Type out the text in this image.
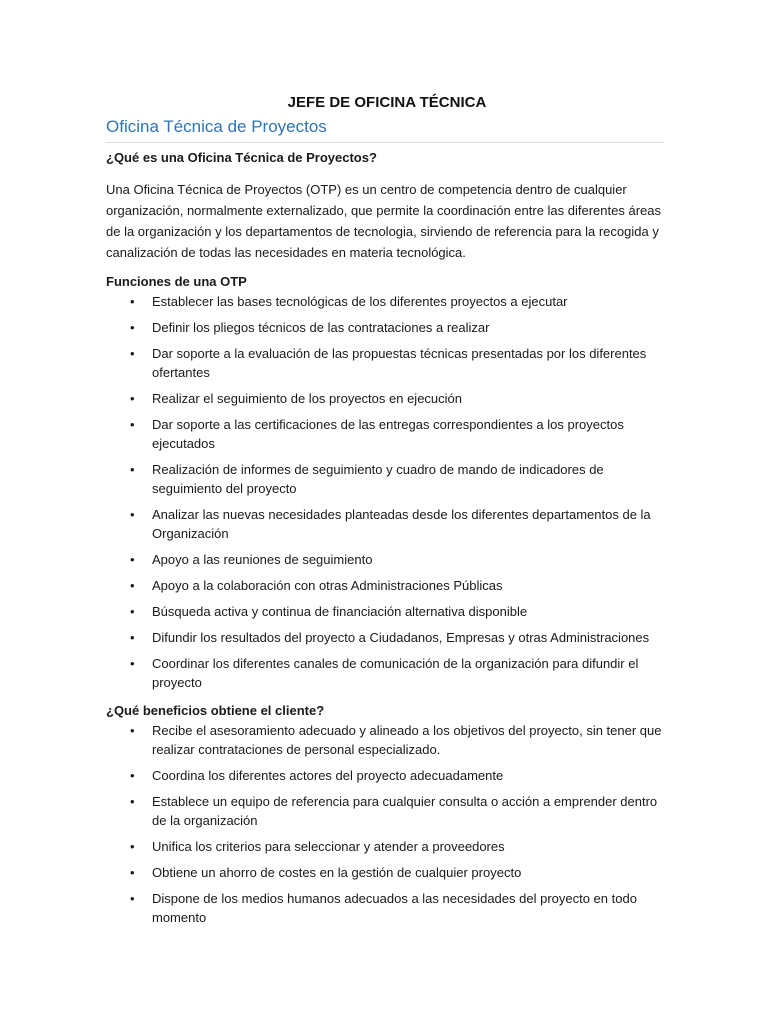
JEFE DE OFICINA TÉCNICA
Oficina Técnica de Proyectos

¿Qué es una Oficina Técnica de Proyectos?

Una Oficina Técnica de Proyectos (OTP) es un centro de competencia dentro de cualquier organización, normalmente externalizado, que permite la coordinación entre las diferentes áreas de la organización y los departamentos de tecnologia, sirviendo de referencia para la recogida y canalización de todas las necesidades en materia tecnológica.

Funciones de una OTP

• Establecer las bases tecnológicas de los diferentes proyectos a ejecutar
• Definir los pliegos técnicos de las contrataciones a realizar
• Dar soporte a la evaluación de las propuestas técnicas presentadas por los diferentes ofertantes
• Realizar el seguimiento de los proyectos en ejecución
• Dar soporte a las certificaciones de las entregas correspondientes a los proyectos ejecutados
• Realización de informes de seguimiento y cuadro de mando de indicadores de seguimiento del proyecto
• Analizar las nuevas necesidades planteadas desde los diferentes departamentos de la Organización
• Apoyo a las reuniones de seguimiento
• Apoyo a la colaboración con otras Administraciones Públicas
• Búsqueda activa y continua de financiación alternativa disponible
• Difundir los resultados del proyecto a Ciudadanos, Empresas y otras Administraciones
• Coordinar los diferentes canales de comunicación de la organización para difundir el proyecto

¿Qué beneficios obtiene el cliente?

• Recibe el asesoramiento adecuado y alineado a los objetivos del proyecto, sin tener que realizar contrataciones de personal especializado.
• Coordina los diferentes actores del proyecto adecuadamente
• Establece un equipo de referencia para cualquier consulta o acción a emprender dentro de la organización
• Unifica los criterios para seleccionar y atender a proveedores
• Obtiene un ahorro de costes en la gestión de cualquier proyecto
• Dispone de los medios humanos adecuados a las necesidades del proyecto en todo momento
